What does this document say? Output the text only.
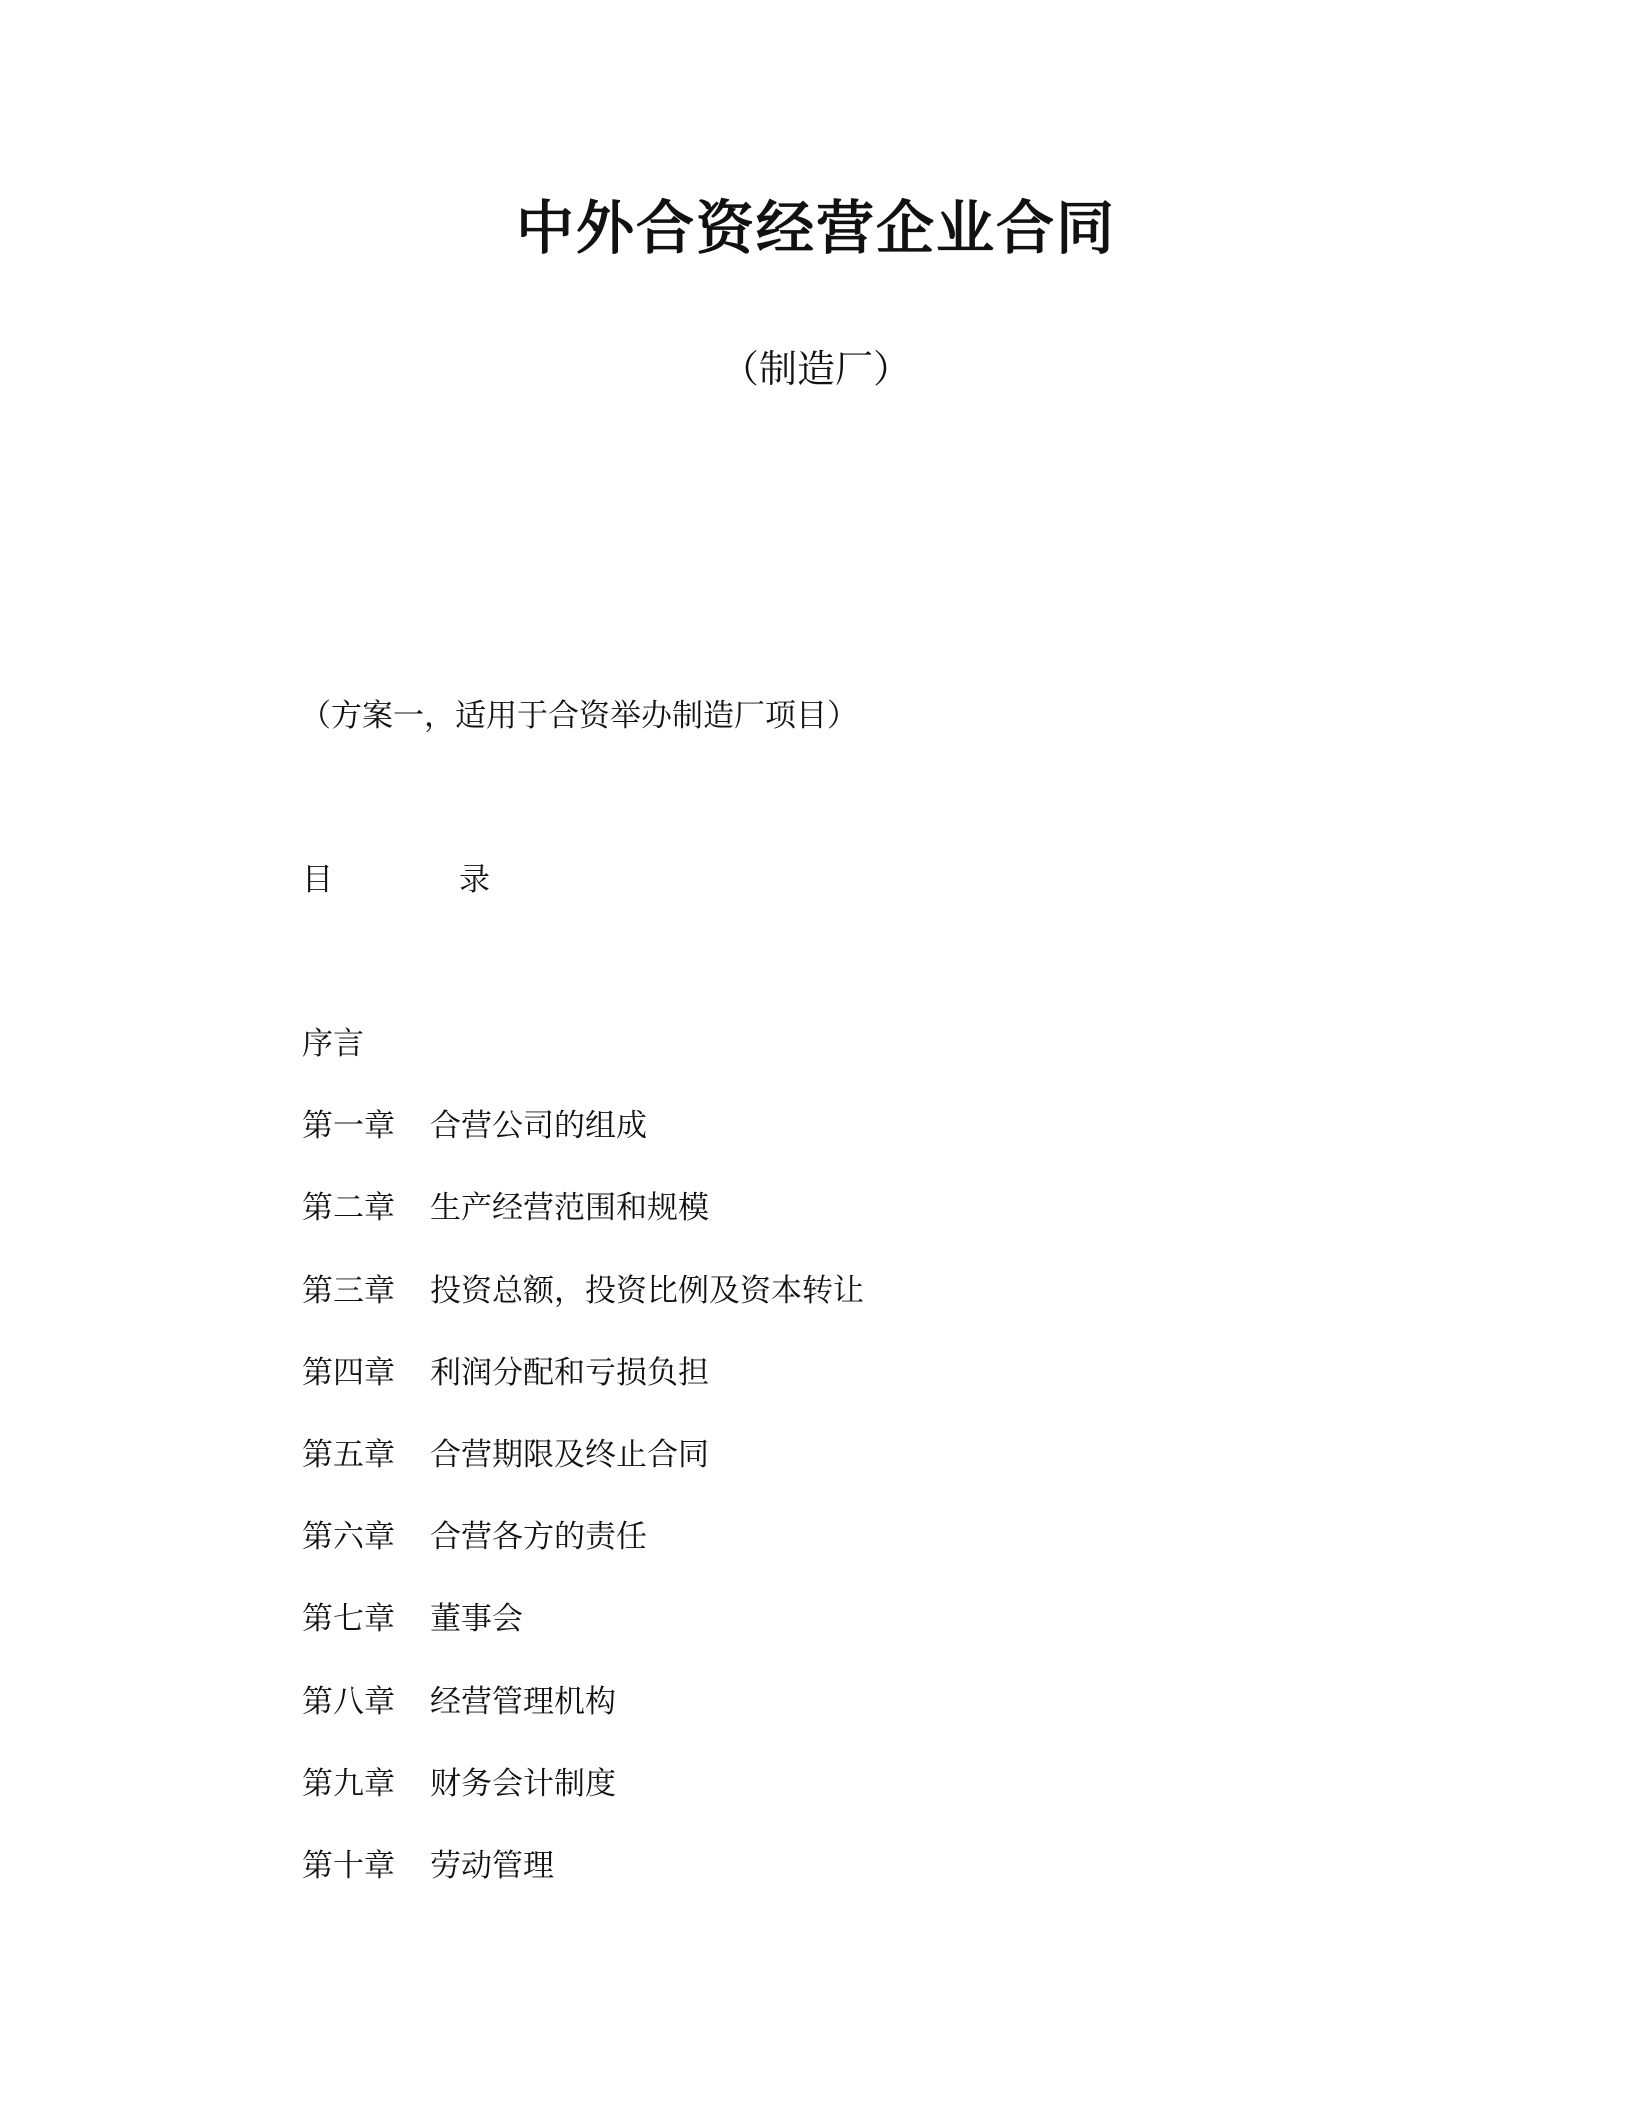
中外合资经营企业合同
（制造厂）
（方案一，适用于合资举办制造厂项目）
目	录
序言
第一章 合营公司的组成
第二章 生产经营范围和规模
第三章 投资总额，投资比例及资本转让
第四章 利润分配和亏损负担
第五章 合营期限及终止合同
第六章 合营各方的责任
第七章 董事会
第八章 经营管理机构
第九章 财务会计制度
第十章 劳动管理
